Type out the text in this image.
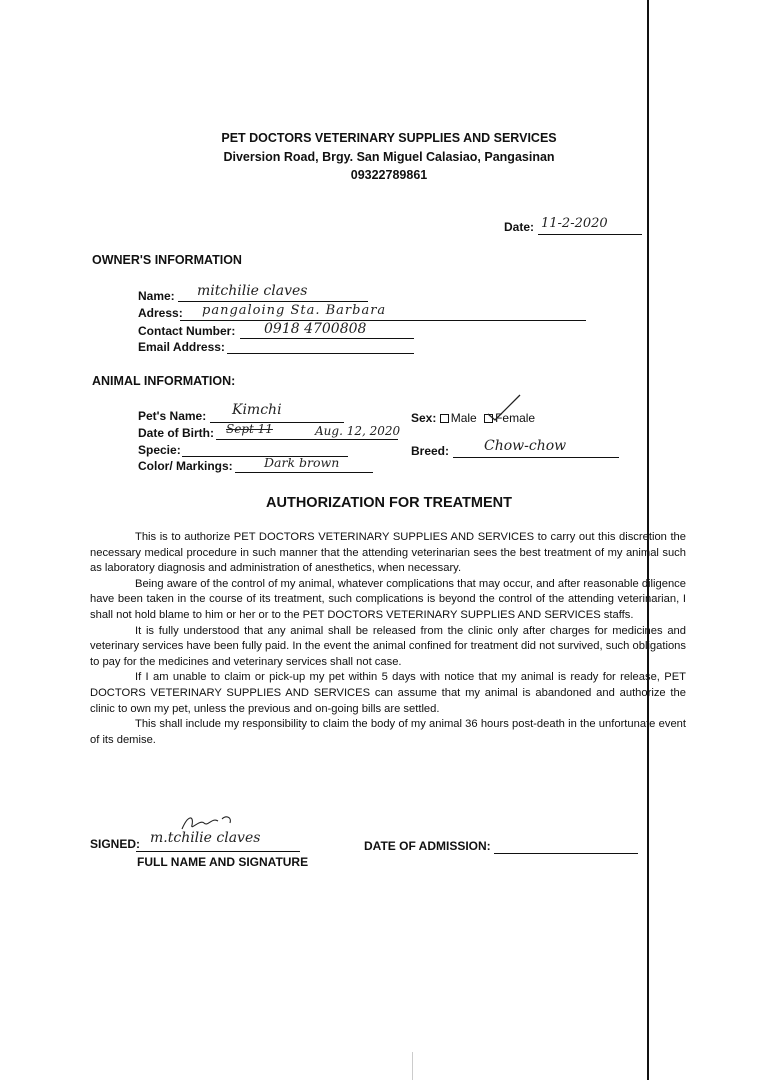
PET DOCTORS VETERINARY SUPPLIES AND SERVICES
Diversion Road, Brgy. San Miguel Calasiao, Pangasinan
09322789861
Date: 11-2-2020
OWNER'S INFORMATION
Name: mitchilie claves
Adress: pangaloing Sta. Barbara
Contact Number: 0918 4700808
Email Address:
ANIMAL INFORMATION:
Pet's Name: Kimchi	Sex: Male Female
Date of Birth: Sept 11	Aug. 12, 2020
Specie:	Breed: Chow-chow
Color/ Markings:	Dark brown
AUTHORIZATION FOR TREATMENT

This is to authorize PET DOCTORS VETERINARY SUPPLIES AND SERVICES to carry out this discretion the necessary medical procedure in such manner that the attending veterinarian sees the best treatment of my animal such as laboratory diagnosis and administration of anesthetics, when necessary.

Being aware of the control of my animal, whatever complications that may occur, and after reasonable diligence have been taken in the course of its treatment, such complications is beyond the control of the attending veterinarian, I shall not hold blame to him or her or to the PET DOCTORS VETERINARY SUPPLIES AND SERVICES staffs.

It is fully understood that any animal shall be released from the clinic only after charges for medicines and veterinary services have been fully paid. In the event the animal confined for treatment did not survived, such obligations to pay for the medicines and veterinary services shall not case.

If I am unable to claim or pick-up my pet within 5 days with notice that my animal is ready for release, PET DOCTORS VETERINARY SUPPLIES AND SERVICES can assume that my animal is abandoned and authorize the clinic to own my pet, unless the previous and on-going bills are settled.

This shall include my responsibility to claim the body of my animal 36 hours post-death in the unfortunate event of its demise.

SIGNED: m.tchilie claves
FULL NAME AND SIGNATURE
DATE OF ADMISSION:
